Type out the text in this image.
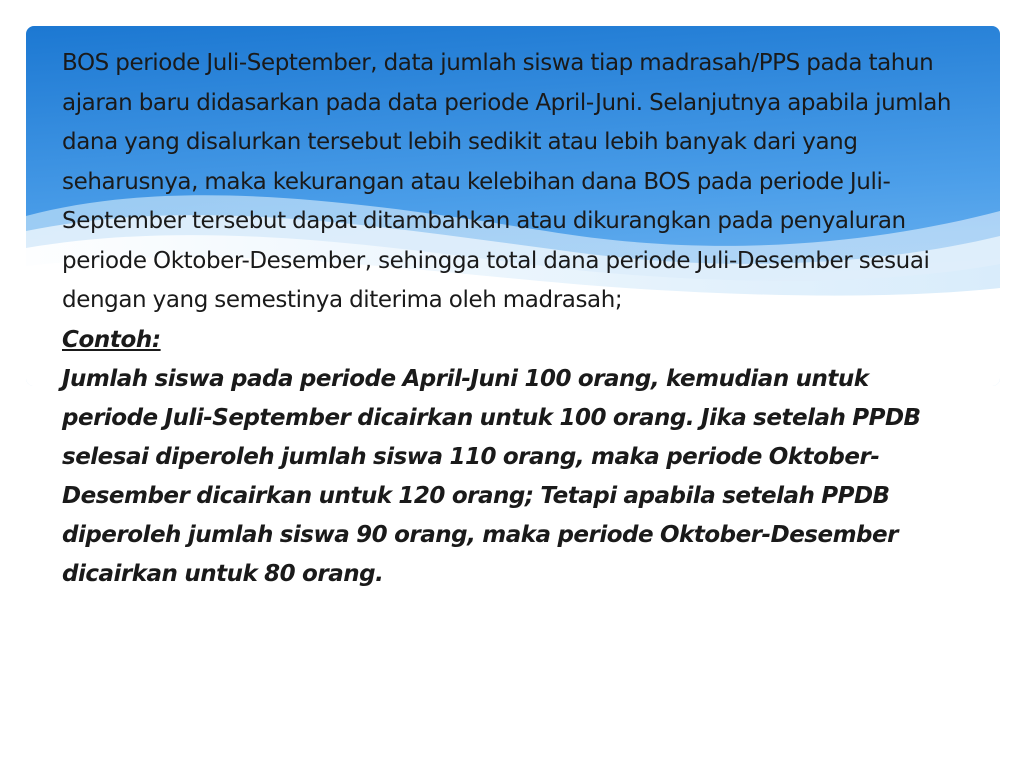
BOS periode Juli-September, data jumlah siswa tiap madrasah/PPS pada tahun ajaran baru didasarkan pada data periode April-Juni. Selanjutnya apabila jumlah dana yang disalurkan tersebut lebih sedikit atau lebih banyak dari yang seharusnya, maka kekurangan atau kelebihan dana BOS pada periode Juli-September tersebut dapat ditambahkan atau dikurangkan pada penyaluran periode Oktober-Desember, sehingga total dana periode Juli-Desember sesuai dengan yang semestinya diterima oleh madrasah;

Contoh:

Jumlah siswa pada periode April-Juni 100 orang, kemudian untuk periode Juli-September dicairkan untuk 100 orang. Jika setelah PPDB selesai diperoleh jumlah siswa 110 orang, maka periode Oktober-Desember dicairkan untuk 120 orang; Tetapi apabila setelah PPDB diperoleh jumlah siswa 90 orang, maka periode Oktober-Desember dicairkan untuk 80 orang.
